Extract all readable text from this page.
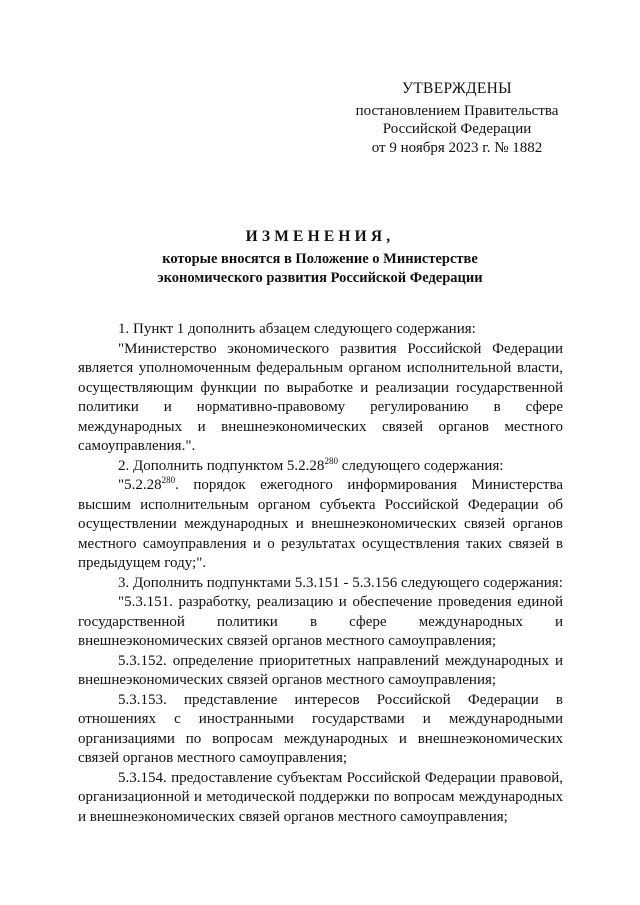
УТВЕРЖДЕНЫ
постановлением Правительства
Российской Федерации
от 9 ноября 2023 г. № 1882
ИЗМЕНЕНИЯ,
которые вносятся в Положение о Министерстве
экономического развития Российской Федерации

1. Пункт 1 дополнить абзацем следующего содержания:

"Министерство экономического развития Российской Федерации является уполномоченным федеральным органом исполнительной власти, осуществляющим функции по выработке и реализации государственной политики и нормативно-правовому регулированию в сфере международных и внешнеэкономических связей органов местного самоуправления.".

2. Дополнить подпунктом 5.2.28$^{280}$ следующего содержания:

"5.2.28$^{280}$. порядок ежегодного информирования Министерства высшим исполнительным органом субъекта Российской Федерации об осуществлении международных и внешнеэкономических связей органов местного самоуправления и о результатах осуществления таких связей в предыдущем году;".

3. Дополнить подпунктами 5.3.151 - 5.3.156 следующего содержания:

"5.3.151. разработку, реализацию и обеспечение проведения единой государственной политики в сфере международных и внешнеэкономических связей органов местного самоуправления;

5.3.152. определение приоритетных направлений международных и внешнеэкономических связей органов местного самоуправления;

5.3.153. представление интересов Российской Федерации в отношениях с иностранными государствами и международными организациями по вопросам международных и внешнеэкономических связей органов местного самоуправления;

5.3.154. предоставление субъектам Российской Федерации правовой, организационной и методической поддержки по вопросам международных и внешнеэкономических связей органов местного самоуправления;
